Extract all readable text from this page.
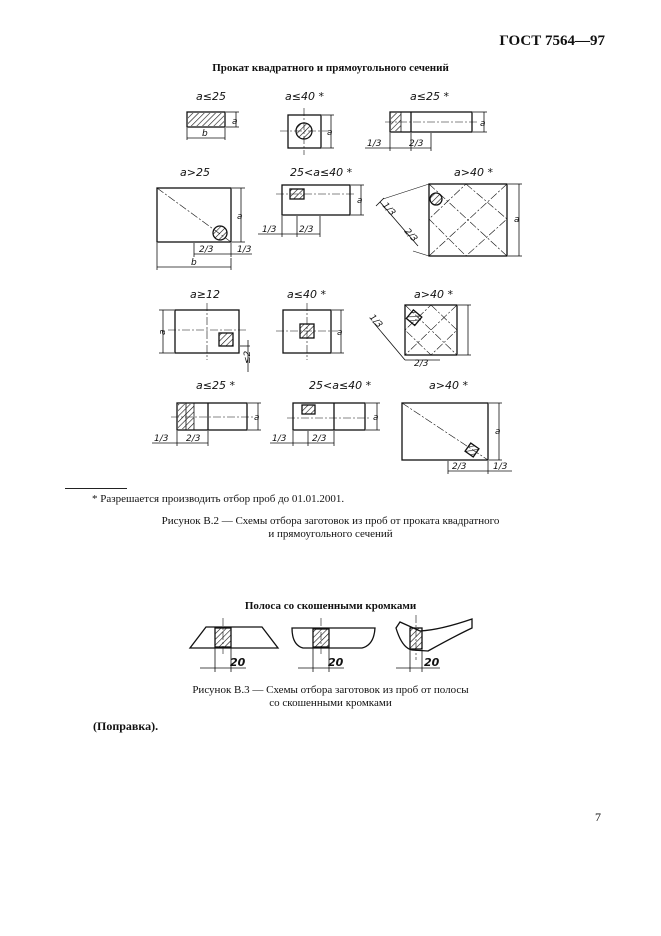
ГОСТ 7564—97
Прокат квадратного и прямоугольного сечений
a≤25	a≤40 *	a≤25 *
a>25	25<a≤40 *	a>40 *
a≥12	a≤40 *	a>40 *
a≤25 *	25<a≤40 *	a>40 *
a
b	a
a
1/3	2/3
a
2/3	1/3
b
a
1/3	2/3
a
1/3
2/3
a
≤2
a
1/3
2/3
a
1/3 2/3
a
1/3	2/3
a
2/3	1/3
20	20	20
* Разрешается производить отбор проб до 01.01.2001.
Рисунок В.2 — Схемы отбора заготовок из проб от проката квадратного
и прямоугольного сечений
Полоса со скошенными кромками
Рисунок В.3 — Схемы отбора заготовок из проб от полосы
со скошенными кромками
(Поправка).
7
